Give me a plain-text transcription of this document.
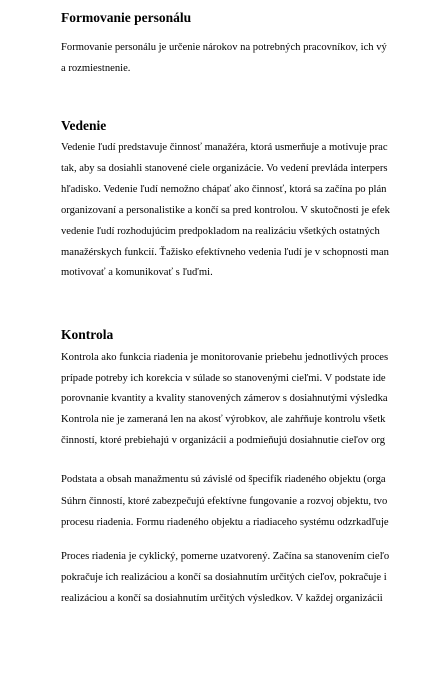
Formovanie personálu

Formovanie personálu je určenie nárokov na potrebných pracovníkov, ich vý

a rozmiestnenie.

Vedenie

Vedenie ľudí predstavuje činnosť manažéra, ktorá usmerňuje a motivuje prac

tak, aby sa dosiahli stanovené ciele organizácie. Vo vedení prevláda interpers

hľadisko. Vedenie ľudí nemožno chápať ako činnosť, ktorá sa začína po plán

organizovaní a personalistike a končí sa pred kontrolou. V skutočnosti je efek

vedenie ľudí rozhodujúcim predpokladom na realizáciu všetkých ostatných

manažérskych funkcií. Ťažisko efektívneho vedenia ľudí je v schopnosti man

motivovať a komunikovať s ľuďmi.

Kontrola

Kontrola ako funkcia riadenia je monitorovanie priebehu jednotlivých proces

prípade potreby ich korekcia v súlade so stanovenými cieľmi. V podstate ide

porovnanie kvantity a kvality stanovených zámerov s dosiahnutými výsledka

Kontrola nie je zameraná len na akosť výrobkov, ale zahŕňuje kontrolu všetk

činností, ktoré prebiehajú v organizácii a podmieňujú dosiahnutie cieľov org

Podstata a obsah manažmentu sú závislé od špecifík riadeného objektu (orga

Súhrn činností, ktoré zabezpečujú efektívne fungovanie a rozvoj objektu, tvo

procesu riadenia. Formu riadeného objektu a riadiaceho systému odzrkadľuje

Proces riadenia je cyklický, pomerne uzatvorený. Začína sa stanovením cieľo

pokračuje ich realizáciou a končí sa dosiahnutím určitých cieľov, pokračuje i

realizáciou a končí sa dosiahnutím určitých výsledkov. V každej organizácii
